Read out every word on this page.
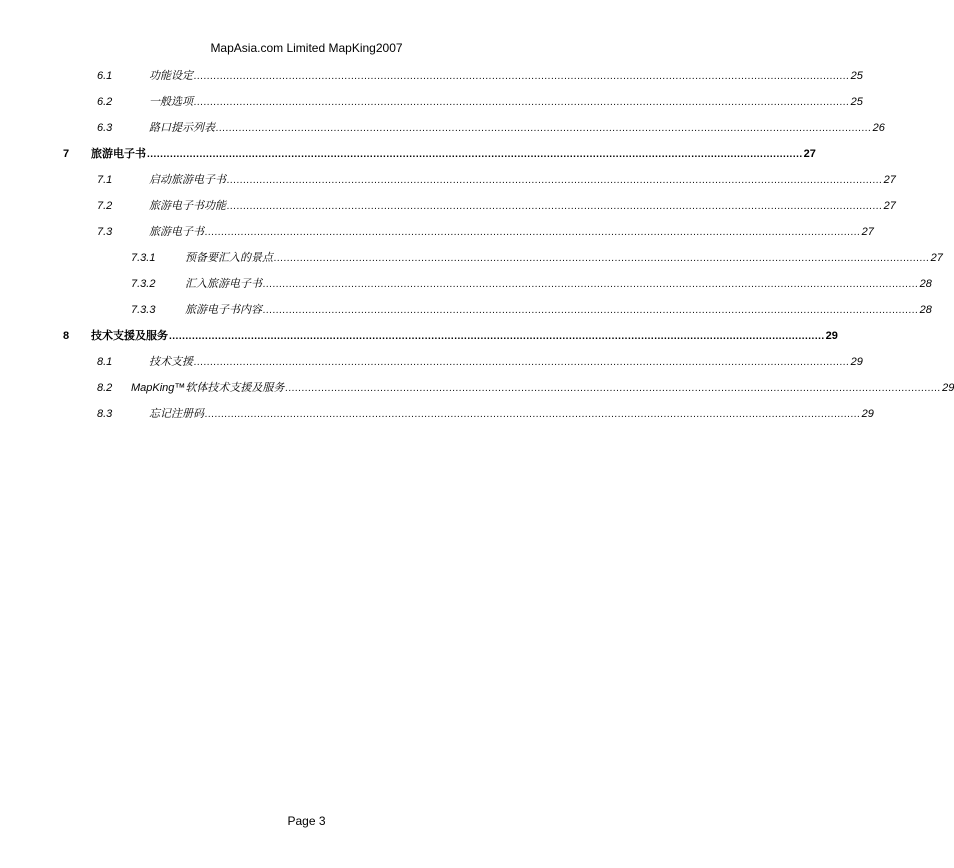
MapAsia.com Limited MapKing2007
6.1	功能设定 ........................................................................................................................................................................................................ 25
6.2	一般选项 ........................................................................................................................................................................................................ 25
6.3	路口提示列表 ........................................................................................................................................................................................................ 26
7 旅游电子书 ........................................................................................................................................................................................................ 27
7.1	启动旅游电子书 ........................................................................................................................................................................................................ 27
7.2	旅游电子书功能 ........................................................................................................................................................................................................ 27
7.3	旅游电子书 ........................................................................................................................................................................................................ 27
7.3.1	预备要汇入的景点 ........................................................................................................................................................................................................ 27
7.3.2	汇入旅游电子书 ........................................................................................................................................................................................................ 28
7.3.3	旅游电子书内容 ........................................................................................................................................................................................................ 28
8 技术支援及服务 ........................................................................................................................................................................................................ 29
8.1	技术支援 ........................................................................................................................................................................................................ 29
8.2 MapKing™软体技术支援及服务 ........................................................................................................................................................................................................ 29
8.3	忘记注册码 ........................................................................................................................................................................................................ 29
Page 3
